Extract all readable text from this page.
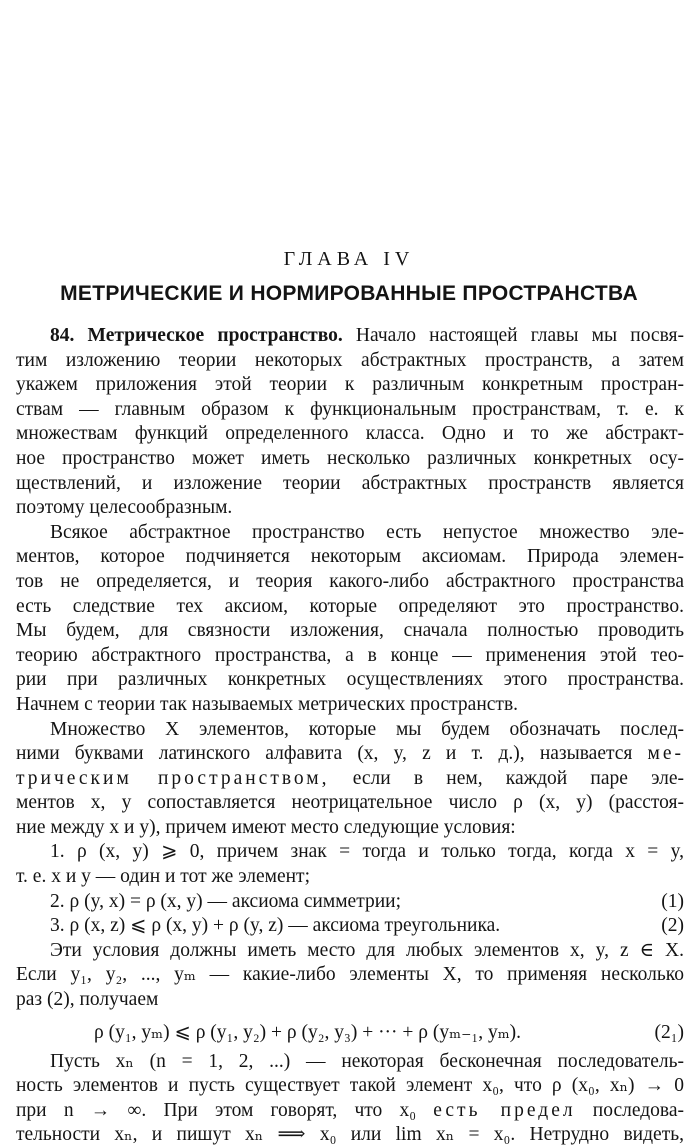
ГЛАВА IV
МЕТРИЧЕСКИЕ И НОРМИРОВАННЫЕ ПРОСТРАНСТВА
84. Метрическое пространство. Начало настоящей главы мы посвя-
тим изложению теории некоторых абстрактных пространств, а затем
укажем приложения этой теории к различным конкретным простран-
ствам — главным образом к функциональным пространствам, т. е. к
множествам функций определенного класса. Одно и то же абстракт-
ное пространство может иметь несколько различных конкретных осу-
ществлений, и изложение теории абстрактных пространств является
поэтому целесообразным.
Всякое абстрактное пространство есть непустое множество эле-
ментов, которое подчиняется некоторым аксиомам. Природа элемен-
тов не определяется, и теория какого-либо абстрактного пространства
есть следствие тех аксиом, которые определяют это пространство.
Мы будем, для связности изложения, сначала полностью проводить
теорию абстрактного пространства, а в конце — применения этой тео-
рии при различных конкретных осуществлениях этого пространства.
Начнем с теории так называемых метрических пространств.
Множество X элементов, которые мы будем обозначать послед-
ними буквами латинского алфавита (x, y, z и т. д.), называется ме-
трическим пространством, если в нем, каждой паре эле-
ментов x, y сопоставляется неотрицательное число ρ (x, y) (расстоя-
ние между x и y), причем имеют место следующие условия:
1. ρ (x, y) ⩾ 0, причем знак = тогда и только тогда, когда x = y,
т. е. x и y — один и тот же элемент;
2. ρ (y, x) = ρ (x, y) — аксиома симметрии;	(1)
3. ρ (x, z) ⩽ ρ (x, y) + ρ (y, z) — аксиома треугольника.	(2)
Эти условия должны иметь место для любых элементов x, y, z ∈ X.
Если y₁, y₂, ..., yₘ — какие-либо элементы X, то применяя несколько
раз (2), получаем
ρ (y₁, yₘ) ⩽ ρ (y₁, y₂) + ρ (y₂, y₃) + ··· + ρ (yₘ₋₁, yₘ).	(2₁)
Пусть xₙ (n = 1, 2, ...) — некоторая бесконечная последователь-
ность элементов и пусть существует такой элемент x₀, что ρ (x₀, xₙ) → 0
при n → ∞. При этом говорят, что x₀ есть предел последова-
тельности xₙ, и пишут xₙ ⟹ x₀ или lim xₙ = x₀. Нетрудно видеть,
